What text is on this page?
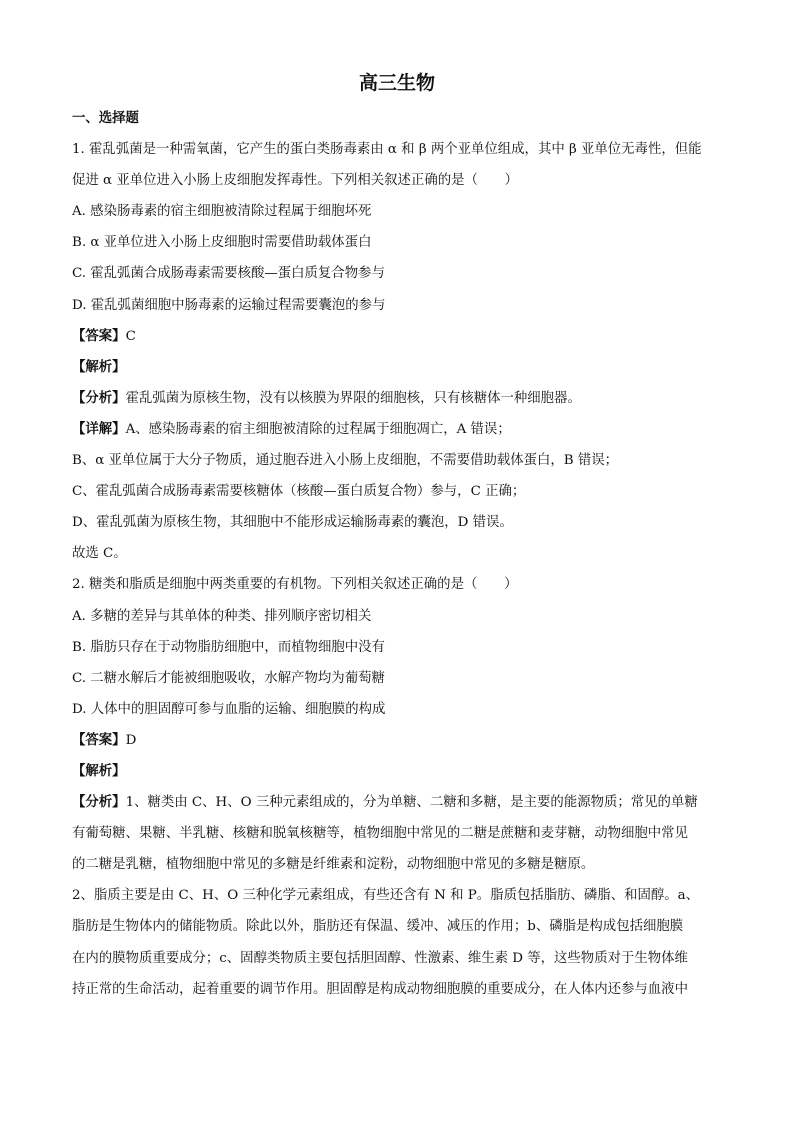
高三生物
一、选择题
1. 霍乱弧菌是一种需氧菌，它产生的蛋白类肠毒素由 α 和 β 两个亚单位组成，其中 β 亚单位无毒性，但能
促进 α 亚单位进入小肠上皮细胞发挥毒性。下列相关叙述正确的是（　　）
A. 感染肠毒素的宿主细胞被清除过程属于细胞坏死
B. α 亚单位进入小肠上皮细胞时需要借助载体蛋白
C. 霍乱弧菌合成肠毒素需要核酸—蛋白质复合物参与
D. 霍乱弧菌细胞中肠毒素的运输过程需要囊泡的参与
【答案】C
【解析】
【分析】霍乱弧菌为原核生物，没有以核膜为界限的细胞核，只有核糖体一种细胞器。
【详解】A、感染肠毒素的宿主细胞被清除的过程属于细胞凋亡，A 错误；
B、α 亚单位属于大分子物质，通过胞吞进入小肠上皮细胞，不需要借助载体蛋白，B 错误；
C、霍乱弧菌合成肠毒素需要核糖体（核酸—蛋白质复合物）参与，C 正确；
D、霍乱弧菌为原核生物，其细胞中不能形成运输肠毒素的囊泡，D 错误。
故选 C。
2. 糖类和脂质是细胞中两类重要的有机物。下列相关叙述正确的是（　　）
A. 多糖的差异与其单体的种类、排列顺序密切相关
B. 脂肪只存在于动物脂肪细胞中，而植物细胞中没有
C. 二糖水解后才能被细胞吸收，水解产物均为葡萄糖
D. 人体中的胆固醇可参与血脂的运输、细胞膜的构成
【答案】D
【解析】
【分析】1、糖类由 C、H、O 三种元素组成的，分为单糖、二糖和多糖，是主要的能源物质；常见的单糖
有葡萄糖、果糖、半乳糖、核糖和脱氧核糖等，植物细胞中常见的二糖是蔗糖和麦芽糖，动物细胞中常见
的二糖是乳糖，植物细胞中常见的多糖是纤维素和淀粉，动物细胞中常见的多糖是糖原。
2、脂质主要是由 C、H、O 三种化学元素组成，有些还含有 N 和 P。脂质包括脂肪、磷脂、和固醇。a、
脂肪是生物体内的储能物质。除此以外，脂肪还有保温、缓冲、减压的作用；b、磷脂是构成包括细胞膜
在内的膜物质重要成分；c、固醇类物质主要包括胆固醇、性激素、维生素 D 等，这些物质对于生物体维
持正常的生命活动，起着重要的调节作用。胆固醇是构成动物细胞膜的重要成分，在人体内还参与血液中
